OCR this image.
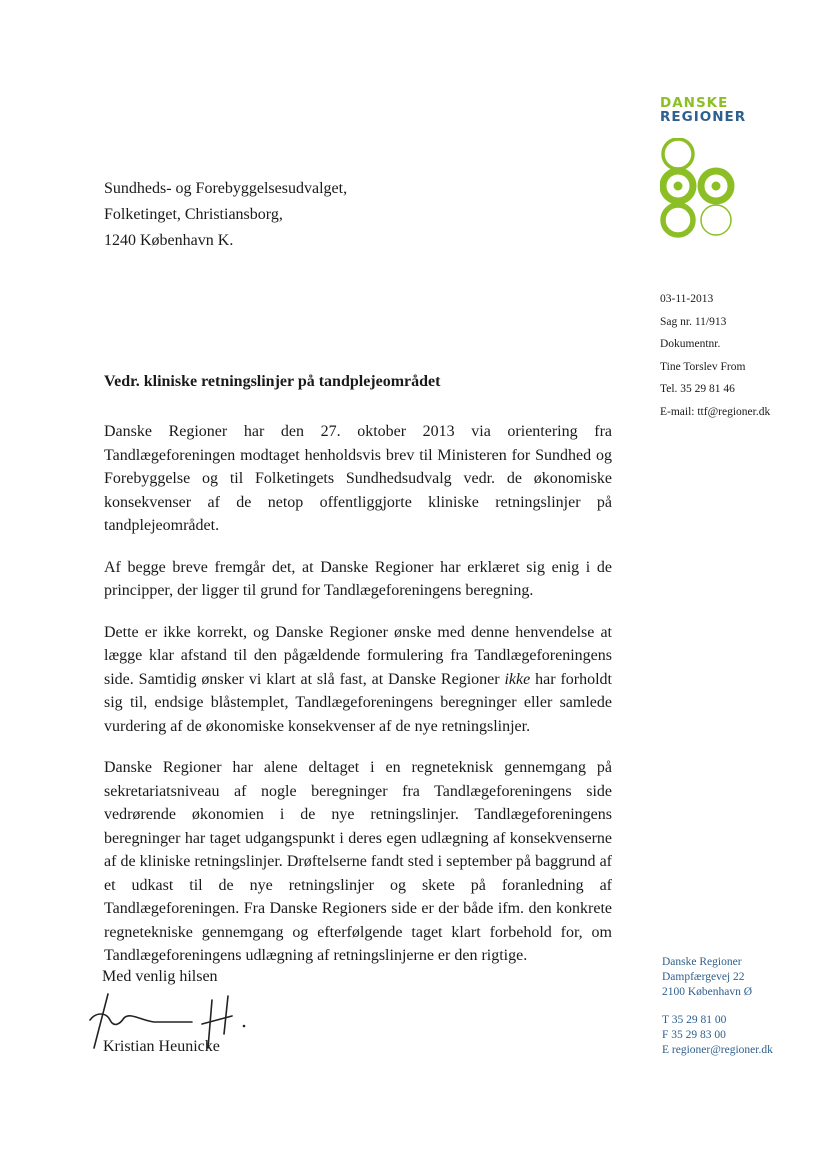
DANSKE
REGIONER
Sundheds- og Forebyggelsesudvalget,
Folketinget, Christiansborg,
1240 København K.
03-11-2013
Sag nr. 11/913
Dokumentnr.
Tine Torslev From
Tel. 35 29 81 46
E-mail: ttf@regioner.dk
Vedr. kliniske retningslinjer på tandplejeområdet

Danske Regioner har den 27. oktober 2013 via orientering fra Tandlægeforeningen modtaget henholdsvis brev til Ministeren for Sundhed og Forebyggelse og til Folketingets Sundhedsudvalg vedr. de økonomiske konsekvenser af de netop offentliggjorte kliniske retningslinjer på tandplejeområdet.

Af begge breve fremgår det, at Danske Regioner har erklæret sig enig i de principper, der ligger til grund for Tandlægeforeningens beregning.

Dette er ikke korrekt, og Danske Regioner ønske med denne henvendelse at lægge klar afstand til den pågældende formulering fra Tandlægeforeningens side. Samtidig ønsker vi klart at slå fast, at Danske Regioner ikke har forholdt sig til, endsige blåstemplet, Tandlægeforeningens beregninger eller samlede vurdering af de økonomiske konsekvenser af de nye retningslinjer.

Danske Regioner har alene deltaget i en regneteknisk gennemgang på sekretariatsniveau af nogle beregninger fra Tandlægeforeningens side vedrørende økonomien i de nye retningslinjer. Tandlægeforeningens beregninger har taget udgangspunkt i deres egen udlægning af konsekvenserne af de kliniske retningslinjer. Drøftelserne fandt sted i september på baggrund af et udkast til de nye retningslinjer og skete på foranledning af Tandlægeforeningen. Fra Danske Regioners side er der både ifm. den konkrete regnetekniske gennemgang og efterfølgende taget klart forbehold for, om Tandlægeforeningens udlægning af retningslinjerne er den rigtige.

Med venlig hilsen
Kristian Heunicke
Danske Regioner
Dampfærgevej 22
2100 København Ø
T 35 29 81 00
F 35 29 83 00
E regioner@regioner.dk
